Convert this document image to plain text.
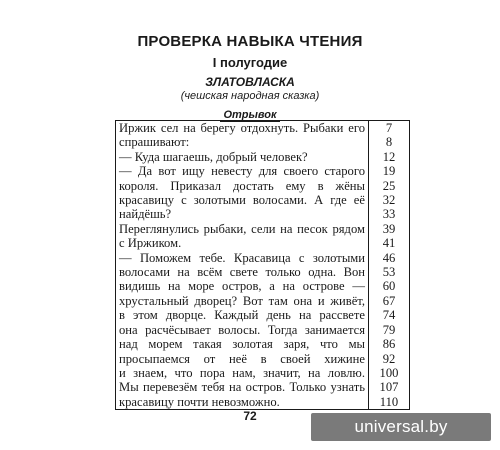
ПРОВЕРКА НАВЫКА ЧТЕНИЯ
I полугодие
ЗЛАТОВЛАСКА
(чешская народная сказка)
Отрывок
Иржик сел на берегу отдохнуть. Рыбаки его	7
спрашивают:	8
— Куда шагаешь, добрый человек?	12
— Да вот ищу невесту для своего старого	19
короля. Приказал достать ему в жёны	25
красавицу с золотыми волосами. А где её	32
найдёшь?	33
Переглянулись рыбаки, сели на песок рядом	39
с Иржиком.	41
— Поможем тебе. Красавица с золотыми	46
волосами на всём свете только одна. Вон	53
видишь на море остров, а на острове —	60
хрустальный дворец? Вот там она и живёт,	67
в этом дворце. Каждый день на рассвете	74
она расчёсывает волосы. Тогда занимается	79
над морем такая золотая заря, что мы	86
просыпаемся от неё в своей хижине	92
и знаем, что пора нам, значит, на ловлю.	100
Мы перевезём тебя на остров. Только узнать	107
красавицу почти невозможно.	110
72
universal.by
